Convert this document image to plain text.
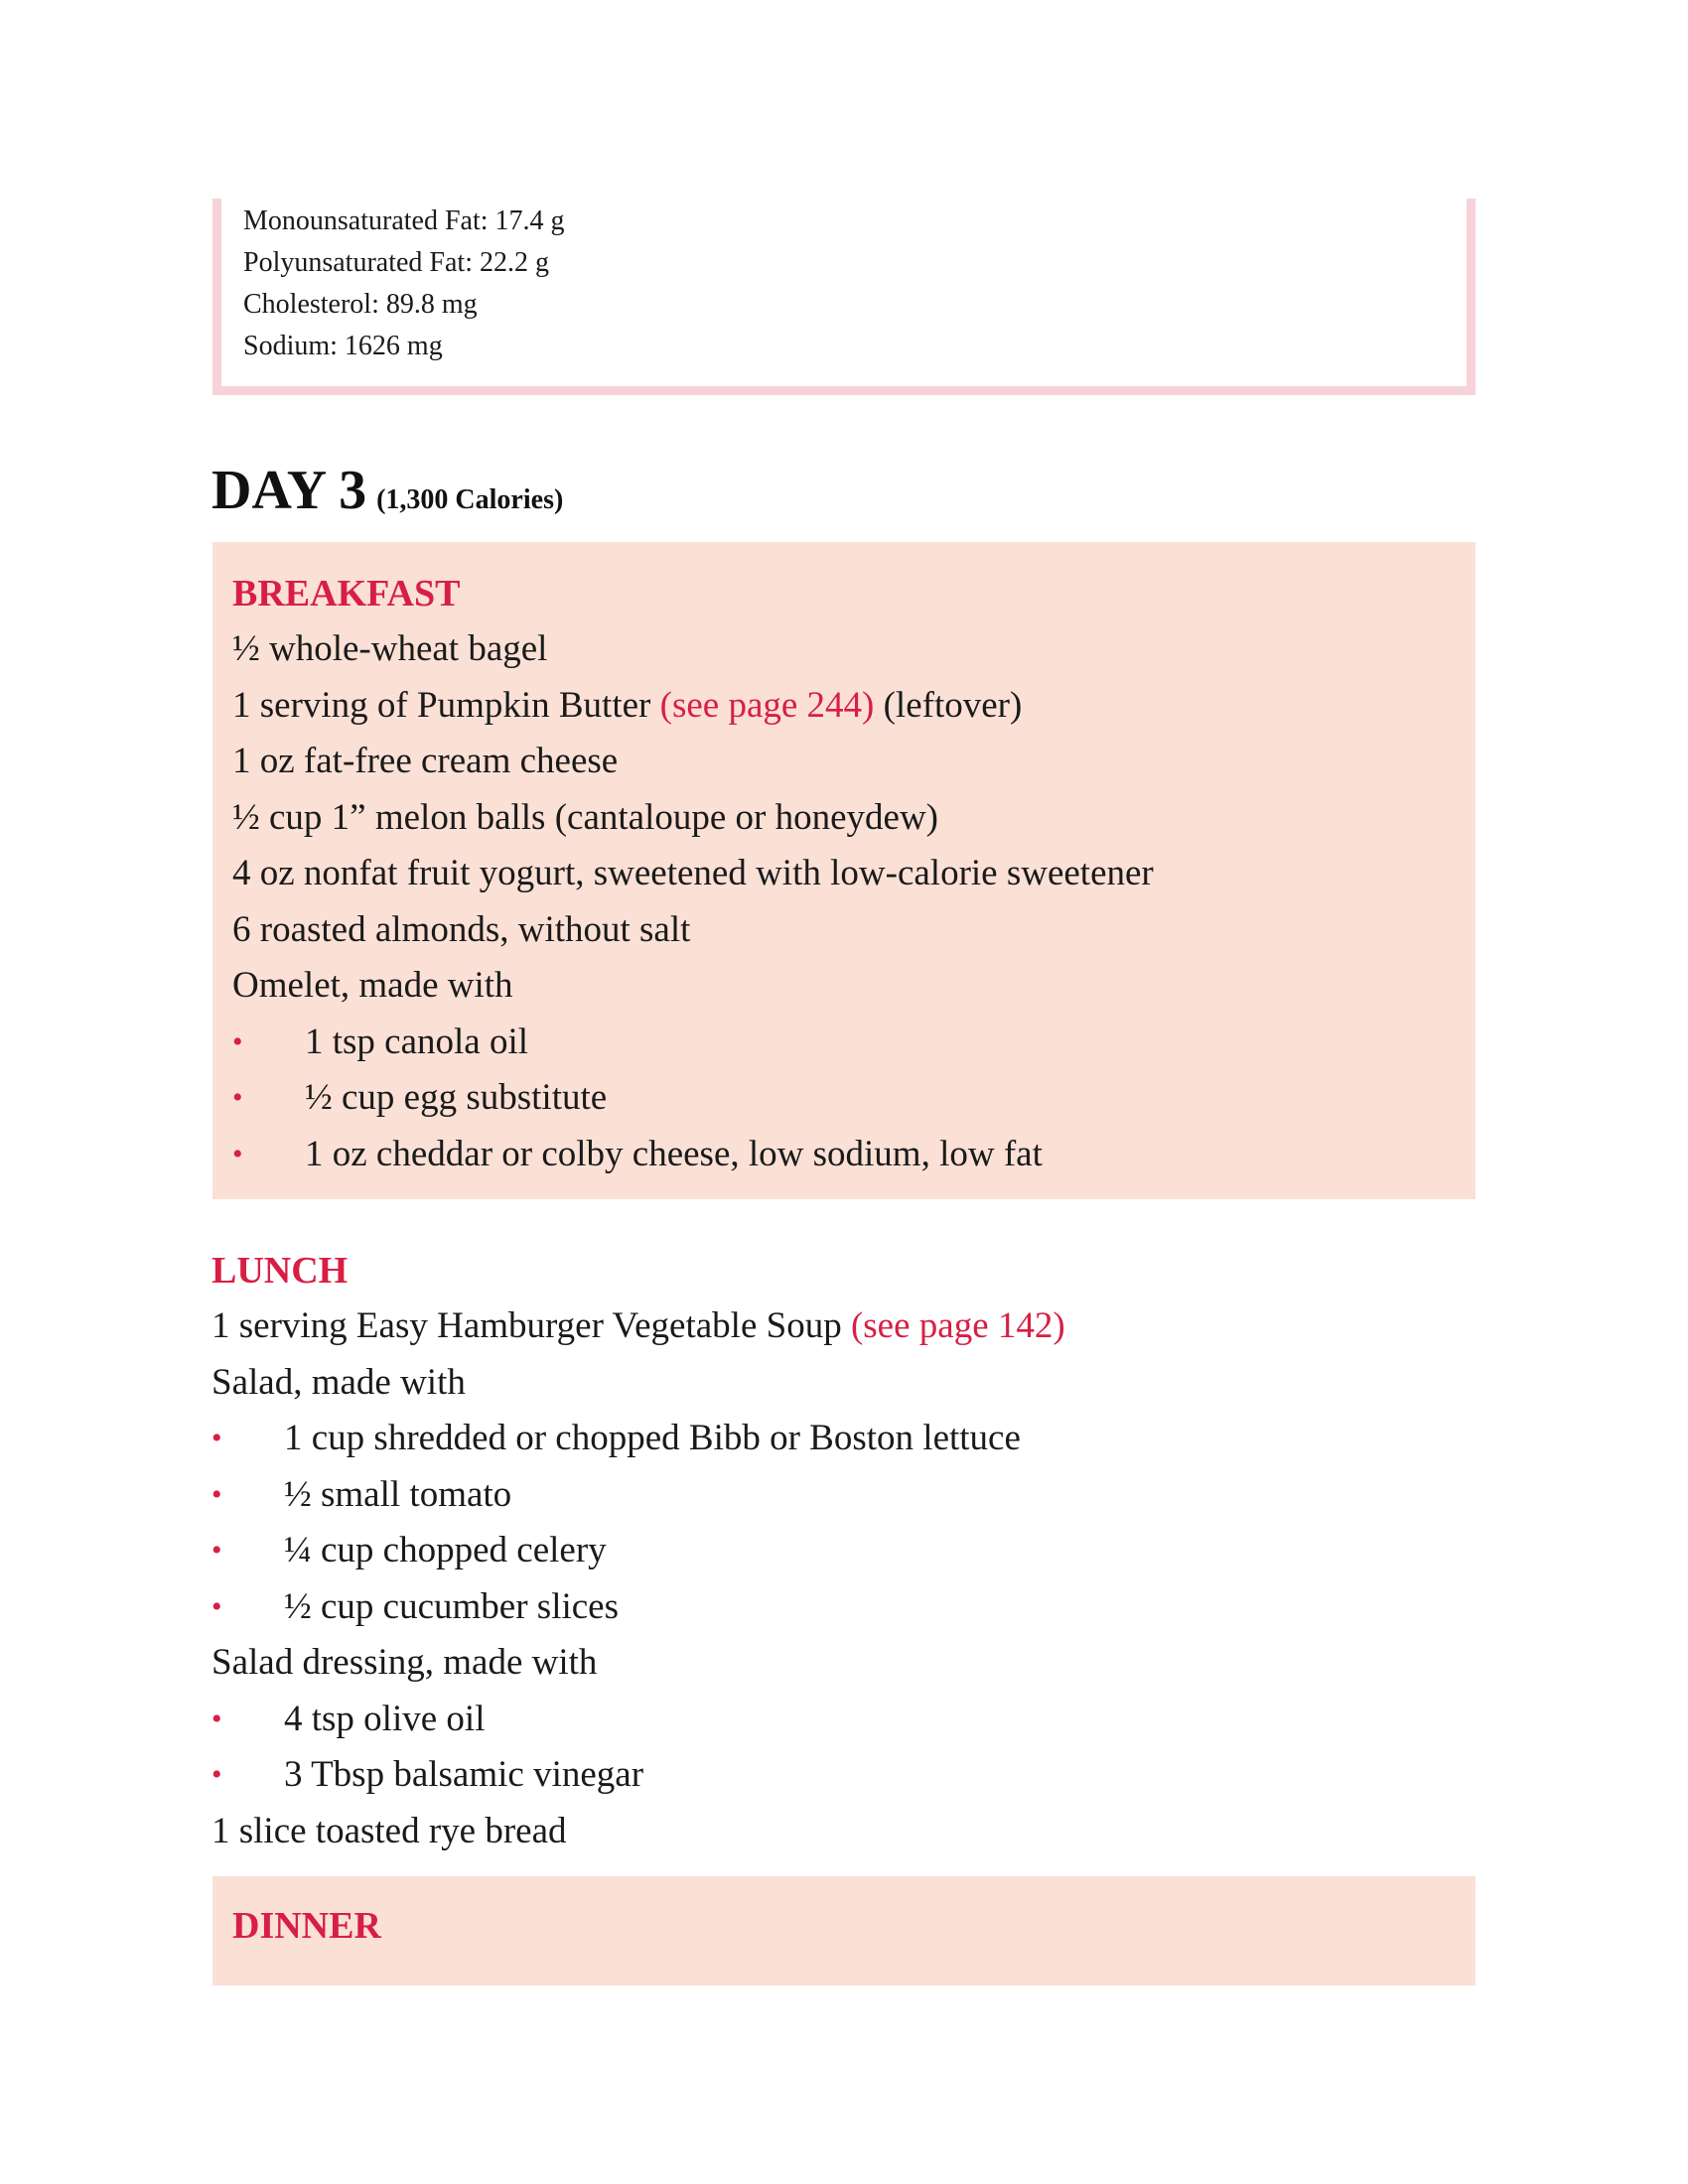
Monounsaturated Fat: 17.4 g
Polyunsaturated Fat: 22.2 g
Cholesterol: 89.8 mg
Sodium: 1626 mg
DAY 3 (1,300 Calories)
BREAKFAST
½ whole-wheat bagel
1 serving of Pumpkin Butter (see page 244) (leftover)
1 oz fat-free cream cheese
½ cup 1” melon balls (cantaloupe or honeydew)
4 oz nonfat fruit yogurt, sweetened with low-calorie sweetener
6 roasted almonds, without salt
Omelet, made with
•	1 tsp canola oil
•	½ cup egg substitute
•	1 oz cheddar or colby cheese, low sodium, low fat
LUNCH
1 serving Easy Hamburger Vegetable Soup (see page 142)
Salad, made with
•	1 cup shredded or chopped Bibb or Boston lettuce
•	½ small tomato
•	¼ cup chopped celery
•	½ cup cucumber slices
Salad dressing, made with
•	4 tsp olive oil
•	3 Tbsp balsamic vinegar
1 slice toasted rye bread
DINNER
